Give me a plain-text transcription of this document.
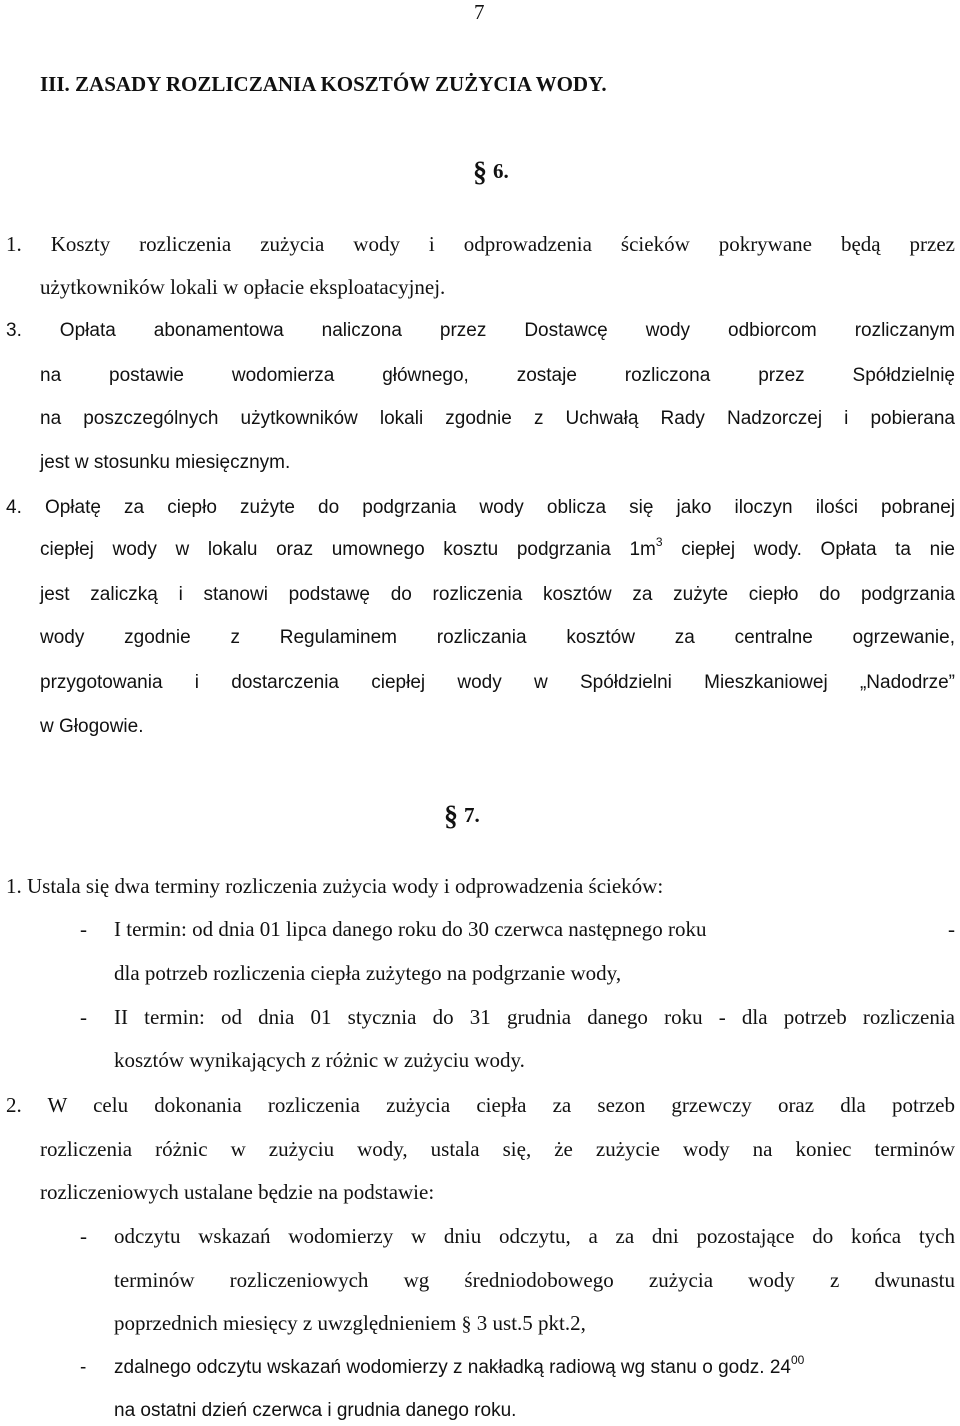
7
III. ZASADY ROZLICZANIA KOSZTÓW ZUŻYCIA WODY.
§ 6.
1. Koszty rozliczenia zużycia wody i odprowadzenia ścieków pokrywane będą przez
użytkowników lokali w opłacie eksploatacyjnej.
3. Opłata abonamentowa naliczona przez Dostawcę wody odbiorcom rozliczanym
na postawie wodomierza głównego, zostaje rozliczona przez Spółdzielnię
na poszczególnych użytkowników lokali zgodnie z Uchwałą Rady Nadzorczej i pobierana
jest w stosunku miesięcznym.
4. Opłatę za ciepło zużyte do podgrzania wody oblicza się jako iloczyn ilości pobranej
ciepłej wody w lokalu oraz umownego kosztu podgrzania $1m^3$ ciepłej wody. Opłata ta nie
jest zaliczką i stanowi podstawę do rozliczenia kosztów za zużyte ciepło do podgrzania
wody zgodnie z Regulaminem rozliczania kosztów za centralne ogrzewanie,
przygotowania i dostarczenia ciepłej wody w Spółdzielni Mieszkaniowej „Nadodrze”
w Głogowie.
§ 7.
1. Ustala się dwa terminy rozliczenia zużycia wody i odprowadzenia ścieków:
- I termin: od dnia 01 lipca danego roku do 30 czerwca następnego roku	-
dla potrzeb rozliczenia ciepła zużytego na podgrzanie wody,
- II termin: od dnia 01 stycznia do 31 grudnia danego roku - dla potrzeb rozliczenia
kosztów wynikających z różnic w zużyciu wody.
2. W celu dokonania rozliczenia zużycia ciepła za sezon grzewczy oraz dla potrzeb
rozliczenia różnic w zużyciu wody, ustala się, że zużycie wody na koniec terminów
rozliczeniowych ustalane będzie na podstawie:
- odczytu wskazań wodomierzy w dniu odczytu, a za dni pozostające do końca tych
terminów rozliczeniowych wg średniodobowego zużycia wody z dwunastu
poprzednich miesięcy z uwzględnieniem § 3 ust.5 pkt.2,
- zdalnego odczytu wskazań wodomierzy z nakładką radiową wg stanu o godz. $24^{00}$
na ostatni dzień czerwca i grudnia danego roku.
